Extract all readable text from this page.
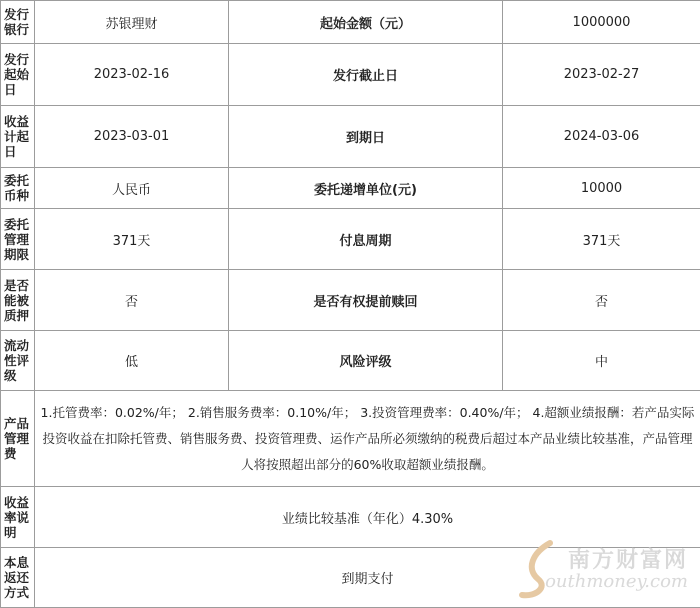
发行银行	苏银理财	起始金额（元）	1000000
发行起始日	2023-02-16	发行截止日	2023-02-27
收益计起日	2023-03-01	到期日	2024-03-06
委托币种	人民币	委托递增单位(元)	10000
委托管理期限	371天	付息周期	371天
是否能被质押	否	是否有权提前赎回	否
流动性评级	低	风险评级	中
产品管理费	1.托管费率：0.02%/年； 2.销售服务费率：0.10%/年； 3.投资管理费率：0.40%/年； 4.超额业绩报酬：若产品实际投资收益在扣除托管费、销售服务费、投资管理费、运作产品所必须缴纳的税费后超过本产品业绩比较基准，产品管理人将按照超出部分的60%收取超额业绩报酬。		
收益率说明	业绩比较基准（年化）4.30%		
本息返还方式	到期支付		
南方财富网
outhmoney.com
